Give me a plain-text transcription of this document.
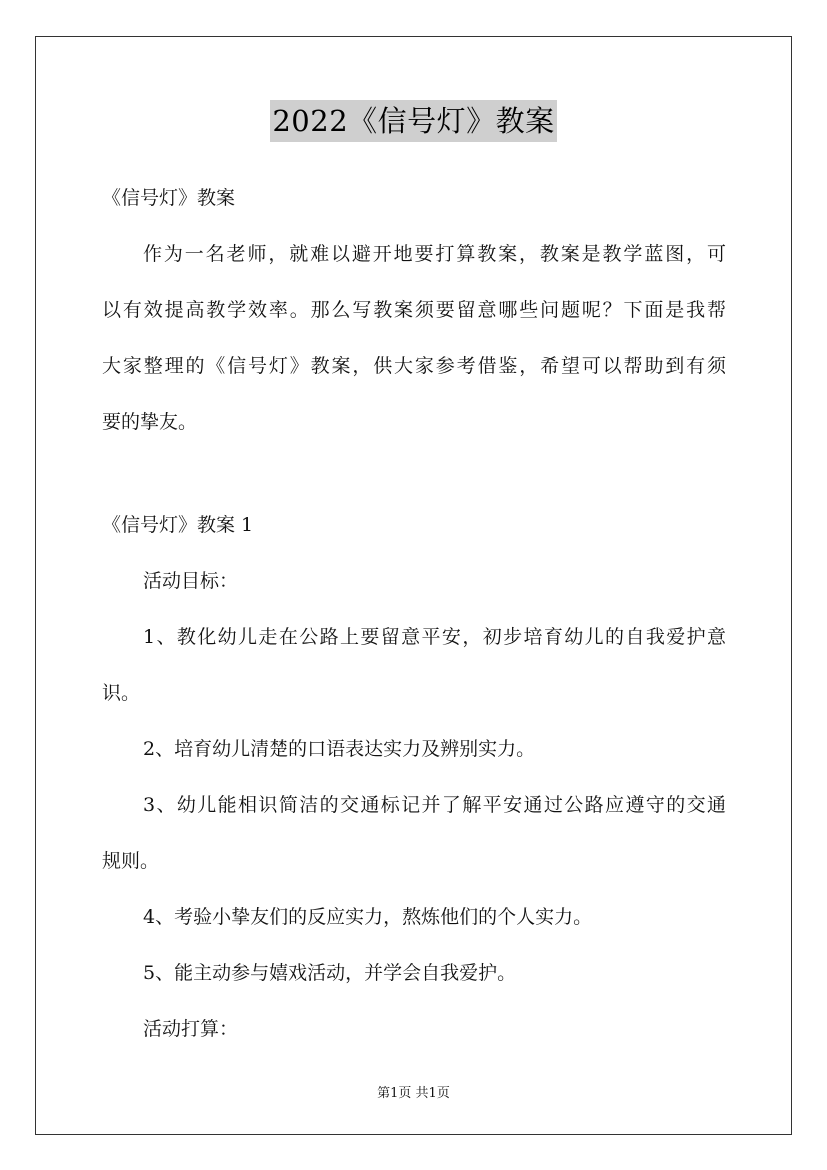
2022《信号灯》教案
《信号灯》教案
作为一名老师，就难以避开地要打算教案，教案是教学蓝图，可
以有效提高教学效率。那么写教案须要留意哪些问题呢？下面是我帮
大家整理的《信号灯》教案，供大家参考借鉴，希望可以帮助到有须
要的挚友。
《信号灯》教案 1
活动目标：
1、教化幼儿走在公路上要留意平安，初步培育幼儿的自我爱护意
识。
2、培育幼儿清楚的口语表达实力及辨别实力。
3、幼儿能相识简洁的交通标记并了解平安通过公路应遵守的交通
规则。
4、考验小挚友们的反应实力，熬炼他们的个人实力。
5、能主动参与嬉戏活动，并学会自我爱护。
活动打算：
第1页 共1页
